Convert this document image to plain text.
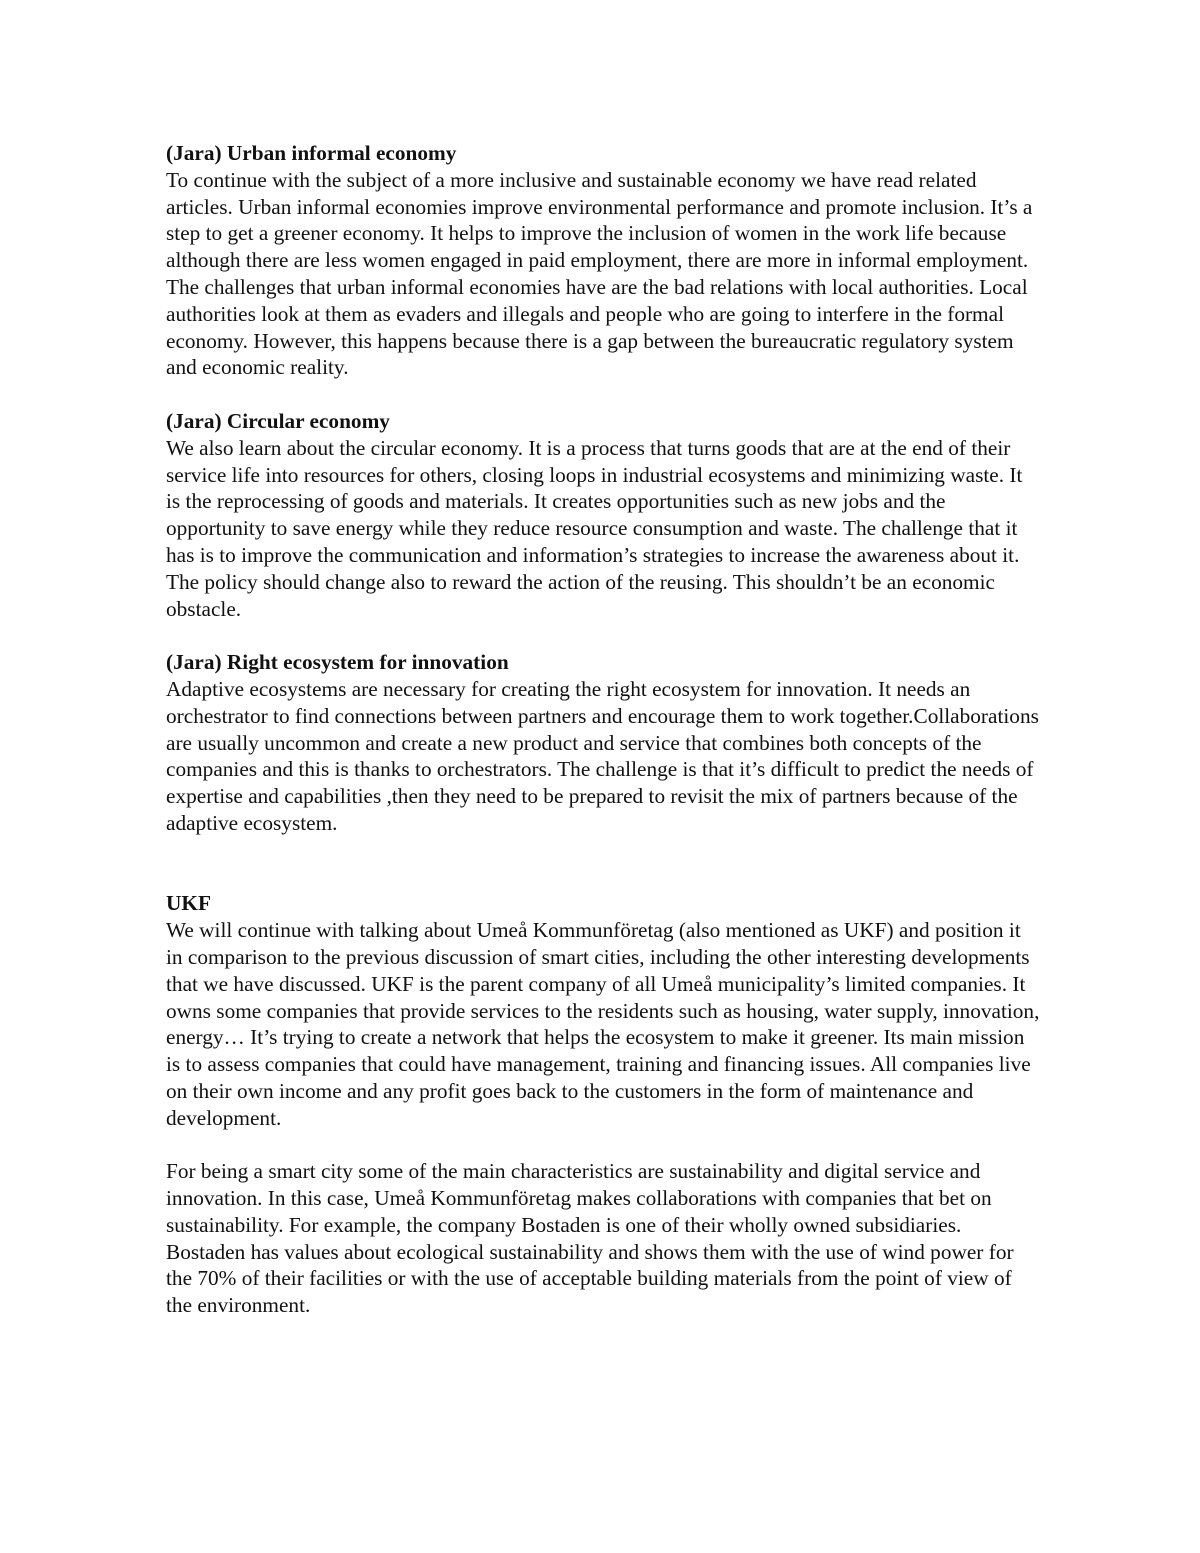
(Jara) Urban informal economy

To continue with the subject of a more inclusive and sustainable economy we have read related articles. Urban informal economies improve environmental performance and promote inclusion. It’s a step to get a greener economy. It helps to improve the inclusion of women in the work life because although there are less women engaged in paid employment, there are more in informal employment. The challenges that urban informal economies have are the bad relations with local authorities. Local authorities look at them as evaders and illegals and people who are going to interfere in the formal economy. However, this happens because there is a gap between the bureaucratic regulatory system and economic reality.

(Jara) Circular economy

We also learn about the circular economy. It is a process that turns goods that are at the end of their service life into resources for others, closing loops in industrial ecosystems and minimizing waste. It is the reprocessing of goods and materials. It creates opportunities such as new jobs and the opportunity to save energy while they reduce resource consumption and waste. The challenge that it has is to improve the communication and information’s strategies to increase the awareness about it. The policy should change also to reward the action of the reusing. This shouldn’t be an economic obstacle.

(Jara) Right ecosystem for innovation

Adaptive ecosystems are necessary for creating the right ecosystem for innovation. It needs an orchestrator to find connections between partners and encourage them to work together.Collaborations are usually uncommon and create a new product and service that combines both concepts of the companies and this is thanks to orchestrators. The challenge is that it’s difficult to predict the needs of expertise and capabilities ,then they need to be prepared to revisit the mix of partners because of the adaptive ecosystem.

UKF

We will continue with talking about Umeå Kommunföretag (also mentioned as UKF) and position it in comparison to the previous discussion of smart cities, including the other interesting developments that we have discussed. UKF is the parent company of all Umeå municipality’s limited companies. It owns some companies that provide services to the residents such as housing, water supply, innovation, energy… It’s trying to create a network that helps the ecosystem to make it greener. Its main mission is to assess companies that could have management, training and financing issues. All companies live on their own income and any profit goes back to the customers in the form of maintenance and development.

For being a smart city some of the main characteristics are sustainability and digital service and innovation. In this case, Umeå Kommunföretag makes collaborations with companies that bet on sustainability. For example, the company Bostaden is one of their wholly owned subsidiaries. Bostaden has values about ecological sustainability and shows them with the use of wind power for the 70% of their facilities or with the use of acceptable building materials from the point of view of the environment.
